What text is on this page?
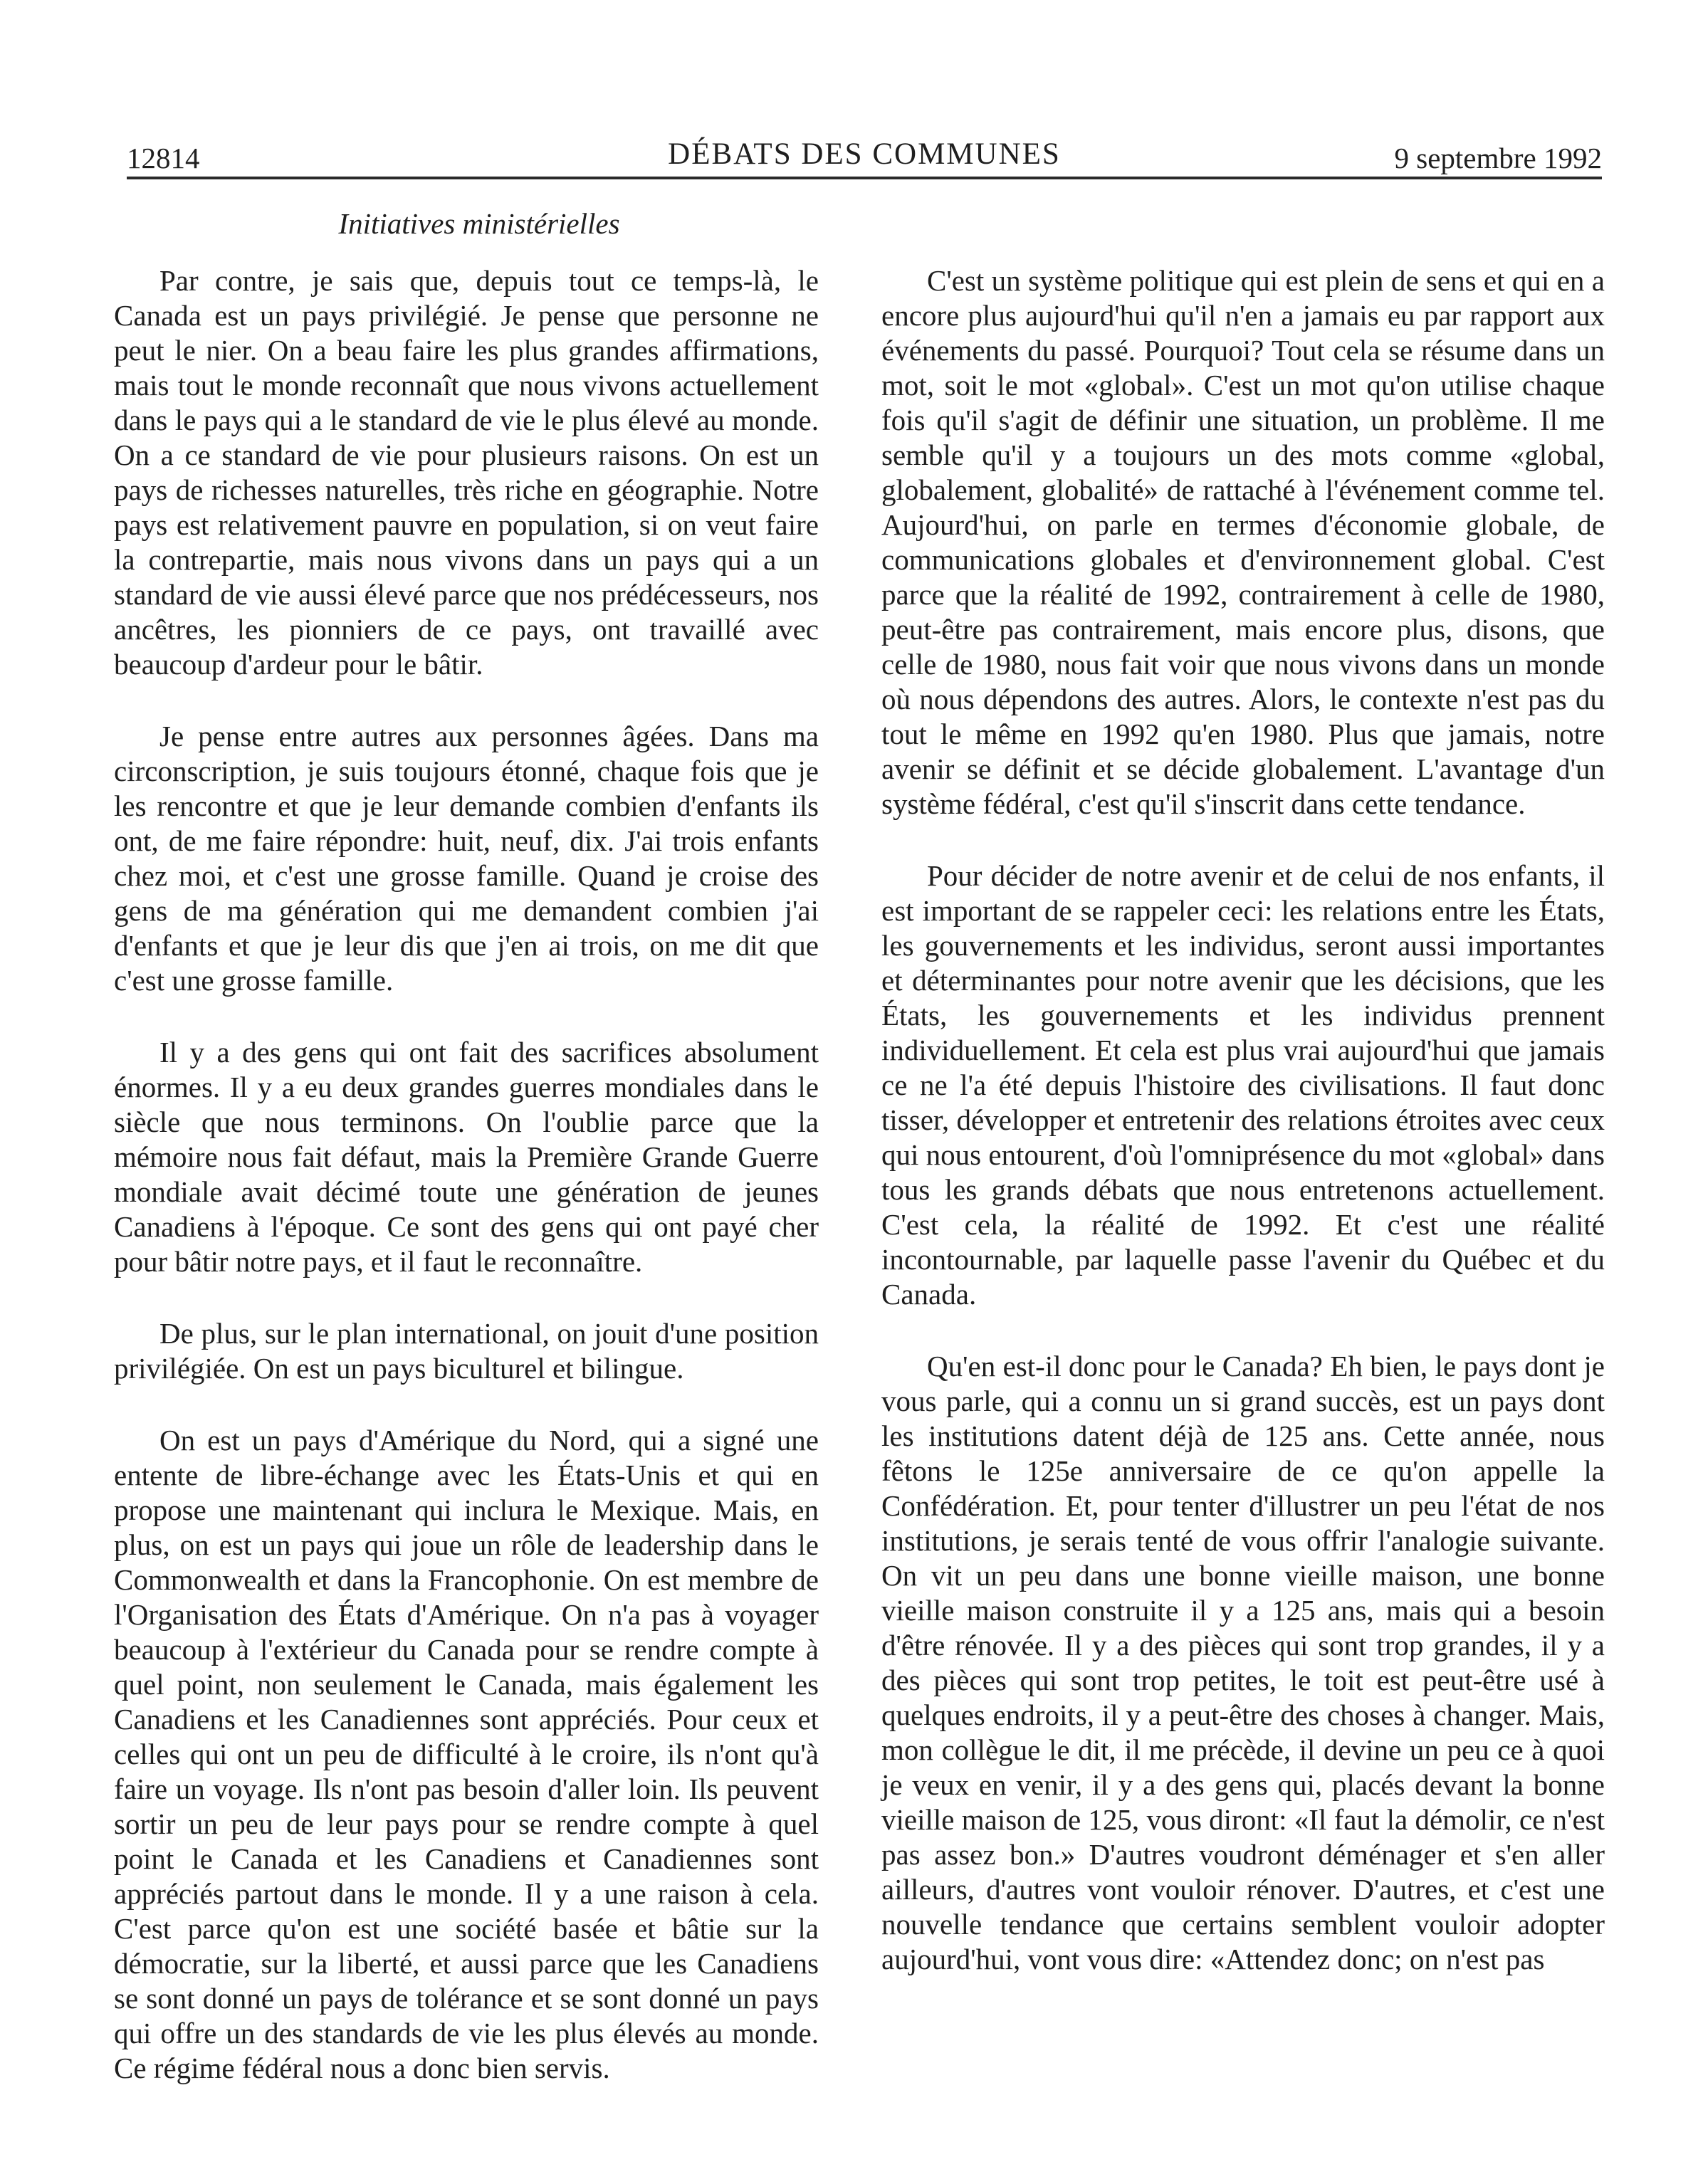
12814	DÉBATS DES COMMUNES	9 septembre 1992
Initiatives ministérielles

Par contre, je sais que, depuis tout ce temps-là, le Canada est un pays privilégié. Je pense que personne ne peut le nier. On a beau faire les plus grandes affirmations, mais tout le monde reconnaît que nous vivons actuellement dans le pays qui a le standard de vie le plus élevé au monde. On a ce standard de vie pour plusieurs raisons. On est un pays de richesses naturelles, très riche en géographie. Notre pays est relativement pauvre en population, si on veut faire la contrepartie, mais nous vivons dans un pays qui a un standard de vie aussi élevé parce que nos prédécesseurs, nos ancêtres, les pionniers de ce pays, ont travaillé avec beaucoup d'ardeur pour le bâtir.

Je pense entre autres aux personnes âgées. Dans ma circonscription, je suis toujours étonné, chaque fois que je les rencontre et que je leur demande combien d'enfants ils ont, de me faire répondre: huit, neuf, dix. J'ai trois enfants chez moi, et c'est une grosse famille. Quand je croise des gens de ma génération qui me demandent combien j'ai d'enfants et que je leur dis que j'en ai trois, on me dit que c'est une grosse famille.

Il y a des gens qui ont fait des sacrifices absolument énormes. Il y a eu deux grandes guerres mondiales dans le siècle que nous terminons. On l'oublie parce que la mémoire nous fait défaut, mais la Première Grande Guerre mondiale avait décimé toute une génération de jeunes Canadiens à l'époque. Ce sont des gens qui ont payé cher pour bâtir notre pays, et il faut le reconnaître.

De plus, sur le plan international, on jouit d'une position privilégiée. On est un pays biculturel et bilingue.

On est un pays d'Amérique du Nord, qui a signé une entente de libre-échange avec les États-Unis et qui en propose une maintenant qui inclura le Mexique. Mais, en plus, on est un pays qui joue un rôle de leadership dans le Commonwealth et dans la Francophonie. On est membre de l'Organisation des États d'Amérique. On n'a pas à voyager beaucoup à l'extérieur du Canada pour se rendre compte à quel point, non seulement le Canada, mais également les Canadiens et les Canadiennes sont appréciés. Pour ceux et celles qui ont un peu de difficulté à le croire, ils n'ont qu'à faire un voyage. Ils n'ont pas besoin d'aller loin. Ils peuvent sortir un peu de leur pays pour se rendre compte à quel point le Canada et les Canadiens et Canadiennes sont appréciés partout dans le monde. Il y a une raison à cela. C'est parce qu'on est une société basée et bâtie sur la démocratie, sur la liberté, et aussi parce que les Canadiens se sont donné un pays de tolérance et se sont donné un pays qui offre un des standards de vie les plus élevés au monde. Ce régime fédéral nous a donc bien servis.

C'est un système politique qui est plein de sens et qui en a encore plus aujourd'hui qu'il n'en a jamais eu par rapport aux événements du passé. Pourquoi? Tout cela se résume dans un mot, soit le mot «global». C'est un mot qu'on utilise chaque fois qu'il s'agit de définir une situation, un problème. Il me semble qu'il y a toujours un des mots comme «global, globalement, globalité» de rattaché à l'événement comme tel. Aujourd'hui, on parle en termes d'économie globale, de communications globales et d'environnement global. C'est parce que la réalité de 1992, contrairement à celle de 1980, peut-être pas contrairement, mais encore plus, disons, que celle de 1980, nous fait voir que nous vivons dans un monde où nous dépendons des autres. Alors, le contexte n'est pas du tout le même en 1992 qu'en 1980. Plus que jamais, notre avenir se définit et se décide globalement. L'avantage d'un système fédéral, c'est qu'il s'inscrit dans cette tendance.

Pour décider de notre avenir et de celui de nos enfants, il est important de se rappeler ceci: les relations entre les États, les gouvernements et les individus, seront aussi importantes et déterminantes pour notre avenir que les décisions, que les États, les gouvernements et les individus prennent individuellement. Et cela est plus vrai aujourd'hui que jamais ce ne l'a été depuis l'histoire des civilisations. Il faut donc tisser, développer et entretenir des relations étroites avec ceux qui nous entourent, d'où l'omniprésence du mot «global» dans tous les grands débats que nous entretenons actuellement. C'est cela, la réalité de 1992. Et c'est une réalité incontournable, par laquelle passe l'avenir du Québec et du Canada.

Qu'en est-il donc pour le Canada? Eh bien, le pays dont je vous parle, qui a connu un si grand succès, est un pays dont les institutions datent déjà de 125 ans. Cette année, nous fêtons le 125e anniversaire de ce qu'on appelle la Confédération. Et, pour tenter d'illustrer un peu l'état de nos institutions, je serais tenté de vous offrir l'analogie suivante. On vit un peu dans une bonne vieille maison, une bonne vieille maison construite il y a 125 ans, mais qui a besoin d'être rénovée. Il y a des pièces qui sont trop grandes, il y a des pièces qui sont trop petites, le toit est peut-être usé à quelques endroits, il y a peut-être des choses à changer. Mais, mon collègue le dit, il me précède, il devine un peu ce à quoi je veux en venir, il y a des gens qui, placés devant la bonne vieille maison de 125, vous diront: «Il faut la démolir, ce n'est pas assez bon.» D'autres voudront déménager et s'en aller ailleurs, d'autres vont vouloir rénover. D'autres, et c'est une nouvelle tendance que certains semblent vouloir adopter aujourd'hui, vont vous dire: «Attendez donc; on n'est pas
